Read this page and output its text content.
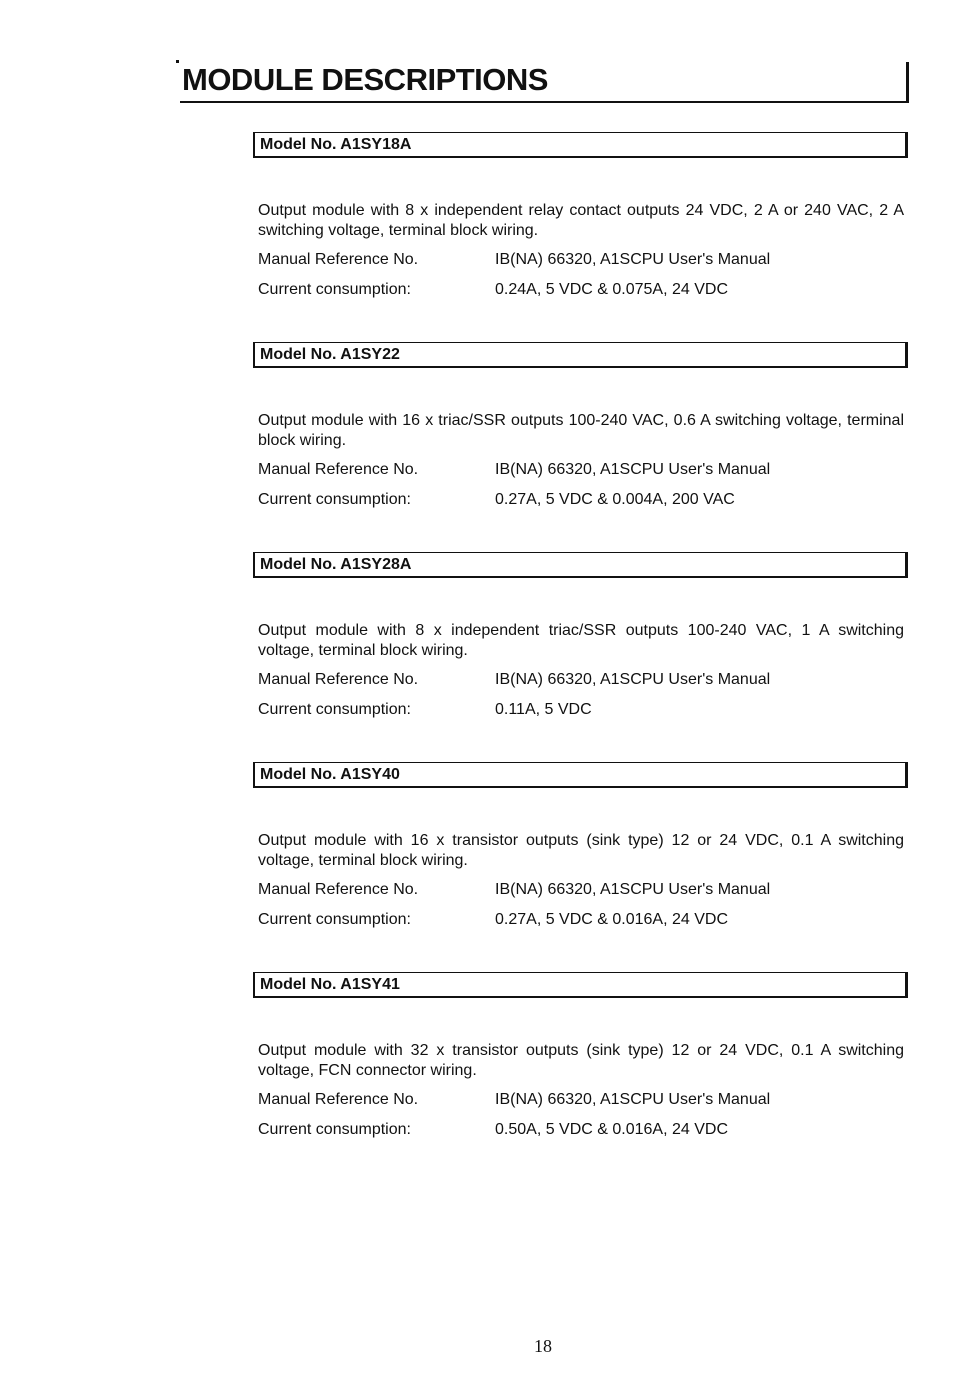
MODULE DESCRIPTIONS
Model No. A1SY18A
Output module with 8 x independent relay contact outputs 24 VDC, 2 A or 240 VAC, 2 A switching voltage, terminal block wiring.
Manual Reference No.	IB(NA) 66320, A1SCPU User's Manual
Current consumption:	0.24A, 5 VDC & 0.075A, 24 VDC
Model No. A1SY22
Output module with 16 x triac/SSR outputs 100-240 VAC, 0.6 A switching voltage, terminal block wiring.
Manual Reference No.	IB(NA) 66320, A1SCPU User's Manual
Current consumption:	0.27A, 5 VDC & 0.004A, 200 VAC
Model No. A1SY28A
Output module with 8 x independent triac/SSR outputs 100-240 VAC, 1 A switching voltage, terminal block wiring.
Manual Reference No.	IB(NA) 66320, A1SCPU User's Manual
Current consumption:	0.11A, 5 VDC
Model No. A1SY40
Output module with 16 x transistor outputs (sink type) 12 or 24 VDC, 0.1 A switching voltage, terminal block wiring.
Manual Reference No.	IB(NA) 66320, A1SCPU User's Manual
Current consumption:	0.27A, 5 VDC & 0.016A, 24 VDC
Model No. A1SY41
Output module with 32 x transistor outputs (sink type) 12 or 24 VDC, 0.1 A switching voltage, FCN connector wiring.
Manual Reference No.	IB(NA) 66320, A1SCPU User's Manual
Current consumption:	0.50A, 5 VDC & 0.016A, 24 VDC
18
